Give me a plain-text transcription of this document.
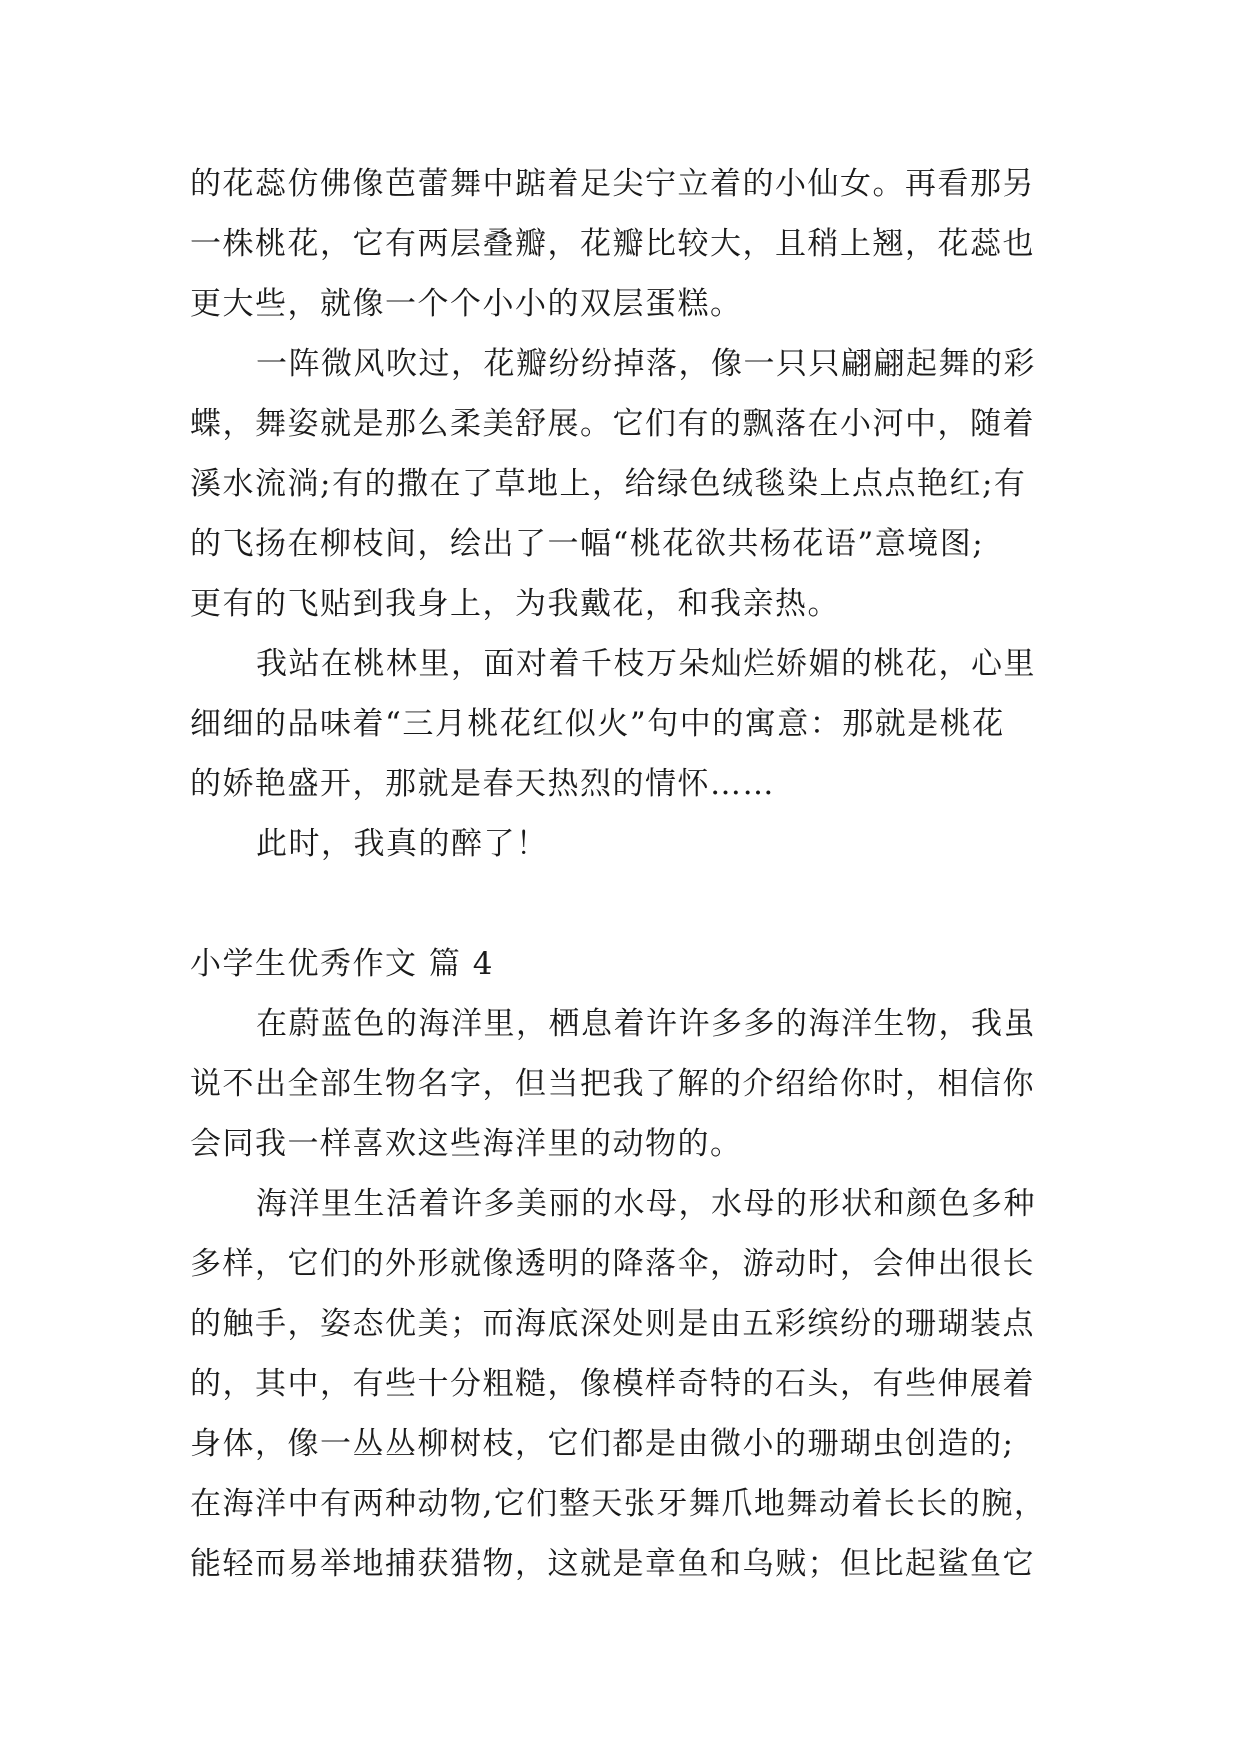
的花蕊仿佛像芭蕾舞中踮着足尖宁立着的小仙女。再看那另
一株桃花，它有两层叠瓣，花瓣比较大，且稍上翘，花蕊也
更大些，就像一个个小小的双层蛋糕。
一阵微风吹过，花瓣纷纷掉落，像一只只翩翩起舞的彩
蝶，舞姿就是那么柔美舒展。它们有的飘落在小河中，随着
溪水流淌;有的撒在了草地上，给绿色绒毯染上点点艳红;有
的飞扬在柳枝间，绘出了一幅“桃花欲共杨花语”意境图;
更有的飞贴到我身上，为我戴花，和我亲热。
我站在桃林里，面对着千枝万朵灿烂娇媚的桃花，心里
细细的品味着“三月桃花红似火”句中的寓意：那就是桃花
的娇艳盛开，那就是春天热烈的情怀……
此时，我真的醉了！
小学生优秀作文 篇 4
在蔚蓝色的海洋里，栖息着许许多多的海洋生物，我虽
说不出全部生物名字，但当把我了解的介绍给你时，相信你
会同我一样喜欢这些海洋里的动物的。
海洋里生活着许多美丽的水母，水母的形状和颜色多种
多样，它们的外形就像透明的降落伞，游动时，会伸出很长
的触手，姿态优美；而海底深处则是由五彩缤纷的珊瑚装点
的，其中，有些十分粗糙，像模样奇特的石头，有些伸展着
身体，像一丛丛柳树枝，它们都是由微小的珊瑚虫创造的;
在海洋中有两种动物,它们整天张牙舞爪地舞动着长长的腕，
能轻而易举地捕获猎物，这就是章鱼和乌贼；但比起鲨鱼它
